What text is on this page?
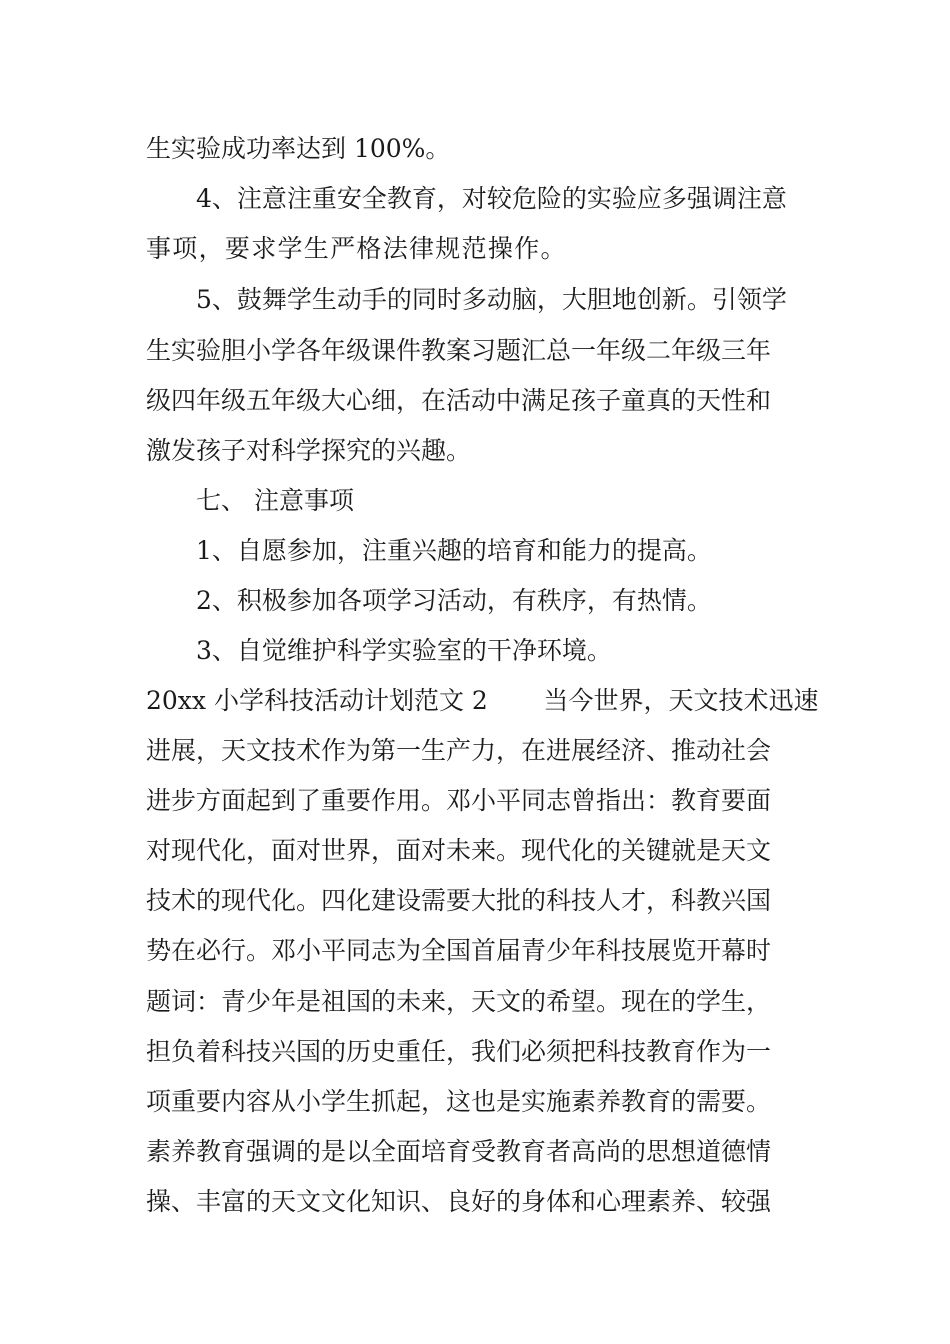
生实验成功率达到 100%。
4、注意注重安全教育，对较危险的实验应多强调注意
事项，要求学生严格法律规范操作。
5、鼓舞学生动手的同时多动脑，大胆地创新。引领学
生实验胆小学各年级课件教案习题汇总一年级二年级三年
级四年级五年级大心细，在活动中满足孩子童真的天性和
激发孩子对科学探究的兴趣。
七、 注意事项
1、自愿参加，注重兴趣的培育和能力的提高。
2、积极参加各项学习活动，有秩序，有热情。
3、自觉维护科学实验室的干净环境。
20xx 小学科技活动计划范文 2       当今世界，天文技术迅速
进展，天文技术作为第一生产力，在进展经济、推动社会
进步方面起到了重要作用。邓小平同志曾指出：教育要面
对现代化，面对世界，面对未来。现代化的关键就是天文
技术的现代化。四化建设需要大批的科技人才，科教兴国
势在必行。邓小平同志为全国首届青少年科技展览开幕时
题词：青少年是祖国的未来，天文的希望。现在的学生，
担负着科技兴国的历史重任，我们必须把科技教育作为一
项重要内容从小学生抓起，这也是实施素养教育的需要。
素养教育强调的是以全面培育受教育者高尚的思想道德情
操、丰富的天文文化知识、良好的身体和心理素养、较强
